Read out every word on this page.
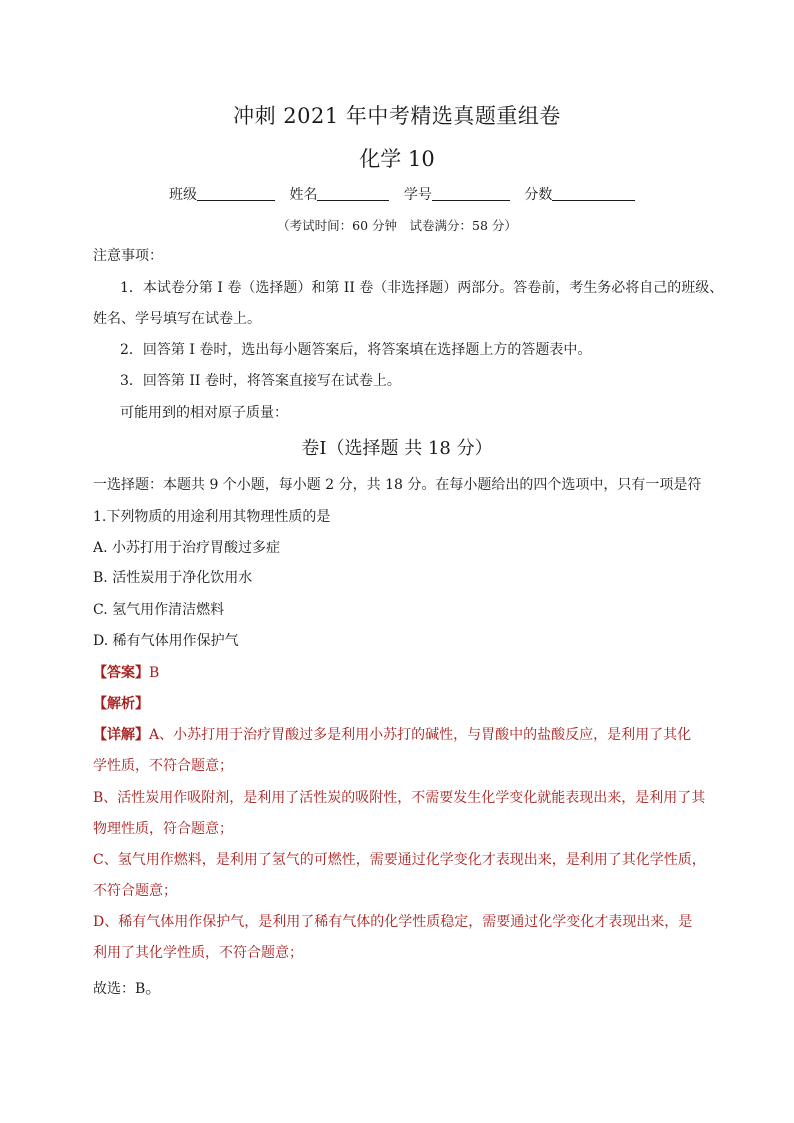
冲刺 2021 年中考精选真题重组卷
化学 10
班级	姓名	学号	分数
（考试时间：60 分钟　试卷满分：58 分）
注意事项：
1．本试卷分第 I 卷（选择题）和第 II 卷（非选择题）两部分。答卷前，考生务必将自己的班级、
姓名、学号填写在试卷上。
2．回答第 I 卷时，选出每小题答案后，将答案填在选择题上方的答题表中。
3．回答第 II 卷时，将答案直接写在试卷上。
可能用到的相对原子质量：
卷Ⅰ（选择题 共 18 分）
一选择题：本题共 9 个小题，每小题 2 分，共 18 分。在每小题给出的四个选项中，只有一项是符
1.下列物质的用途利用其物理性质的是
A. 小苏打用于治疗胃酸过多症
B. 活性炭用于净化饮用水
C. 氢气用作清洁燃料
D. 稀有气体用作保护气
【答案】B
【解析】
【详解】A、小苏打用于治疗胃酸过多是利用小苏打的碱性，与胃酸中的盐酸反应，是利用了其化
学性质，不符合题意；
B、活性炭用作吸附剂，是利用了活性炭的吸附性，不需要发生化学变化就能表现出来，是利用了其
物理性质，符合题意；
C、氢气用作燃料，是利用了氢气的可燃性，需要通过化学变化才表现出来，是利用了其化学性质，
不符合题意；
D、稀有气体用作保护气，是利用了稀有气体的化学性质稳定，需要通过化学变化才表现出来，是
利用了其化学性质，不符合题意；
故选：B。
